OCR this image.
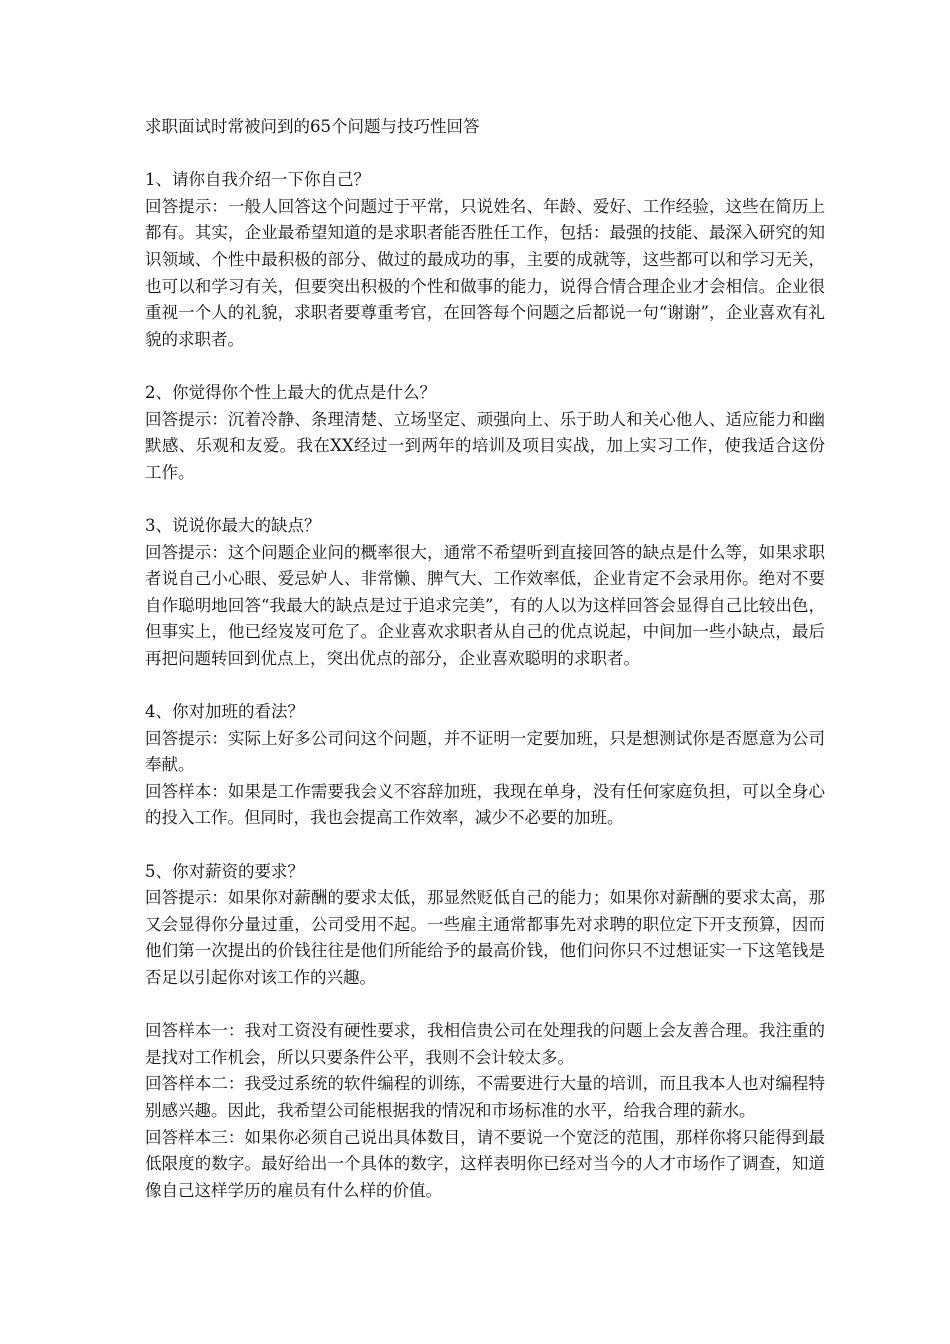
求职面试时常被问到的65个问题与技巧性回答

1、请你自我介绍一下你自己？

回答提示：一般人回答这个问题过于平常，只说姓名、年龄、爱好、工作经验，这些在简历上都有。其实，企业最希望知道的是求职者能否胜任工作，包括：最强的技能、最深入研究的知识领域、个性中最积极的部分、做过的最成功的事，主要的成就等，这些都可以和学习无关，也可以和学习有关，但要突出积极的个性和做事的能力，说得合情合理企业才会相信。企业很重视一个人的礼貌，求职者要尊重考官，在回答每个问题之后都说一句“谢谢”，企业喜欢有礼貌的求职者。

2、你觉得你个性上最大的优点是什么？

回答提示：沉着冷静、条理清楚、立场坚定、顽强向上、乐于助人和关心他人、适应能力和幽默感、乐观和友爱。我在XX经过一到两年的培训及项目实战，加上实习工作，使我适合这份工作。

3、说说你最大的缺点？

回答提示：这个问题企业问的概率很大，通常不希望听到直接回答的缺点是什么等，如果求职者说自己小心眼、爱忌妒人、非常懒、脾气大、工作效率低，企业肯定不会录用你。绝对不要自作聪明地回答“我最大的缺点是过于追求完美”，有的人以为这样回答会显得自己比较出色，但事实上，他已经岌岌可危了。企业喜欢求职者从自己的优点说起，中间加一些小缺点，最后再把问题转回到优点上，突出优点的部分，企业喜欢聪明的求职者。

4、你对加班的看法？

回答提示：实际上好多公司问这个问题，并不证明一定要加班，只是想测试你是否愿意为公司奉献。

回答样本：如果是工作需要我会义不容辞加班，我现在单身，没有任何家庭负担，可以全身心的投入工作。但同时，我也会提高工作效率，减少不必要的加班。

5、你对薪资的要求？

回答提示：如果你对薪酬的要求太低，那显然贬低自己的能力；如果你对薪酬的要求太高，那又会显得你分量过重，公司受用不起。一些雇主通常都事先对求聘的职位定下开支预算，因而他们第一次提出的价钱往往是他们所能给予的最高价钱，他们问你只不过想证实一下这笔钱是否足以引起你对该工作的兴趣。

回答样本一：我对工资没有硬性要求，我相信贵公司在处理我的问题上会友善合理。我注重的是找对工作机会，所以只要条件公平，我则不会计较太多。

回答样本二：我受过系统的软件编程的训练，不需要进行大量的培训，而且我本人也对编程特别感兴趣。因此，我希望公司能根据我的情况和市场标准的水平，给我合理的薪水。

回答样本三：如果你必须自己说出具体数目，请不要说一个宽泛的范围，那样你将只能得到最低限度的数字。最好给出一个具体的数字，这样表明你已经对当今的人才市场作了调查，知道像自己这样学历的雇员有什么样的价值。
